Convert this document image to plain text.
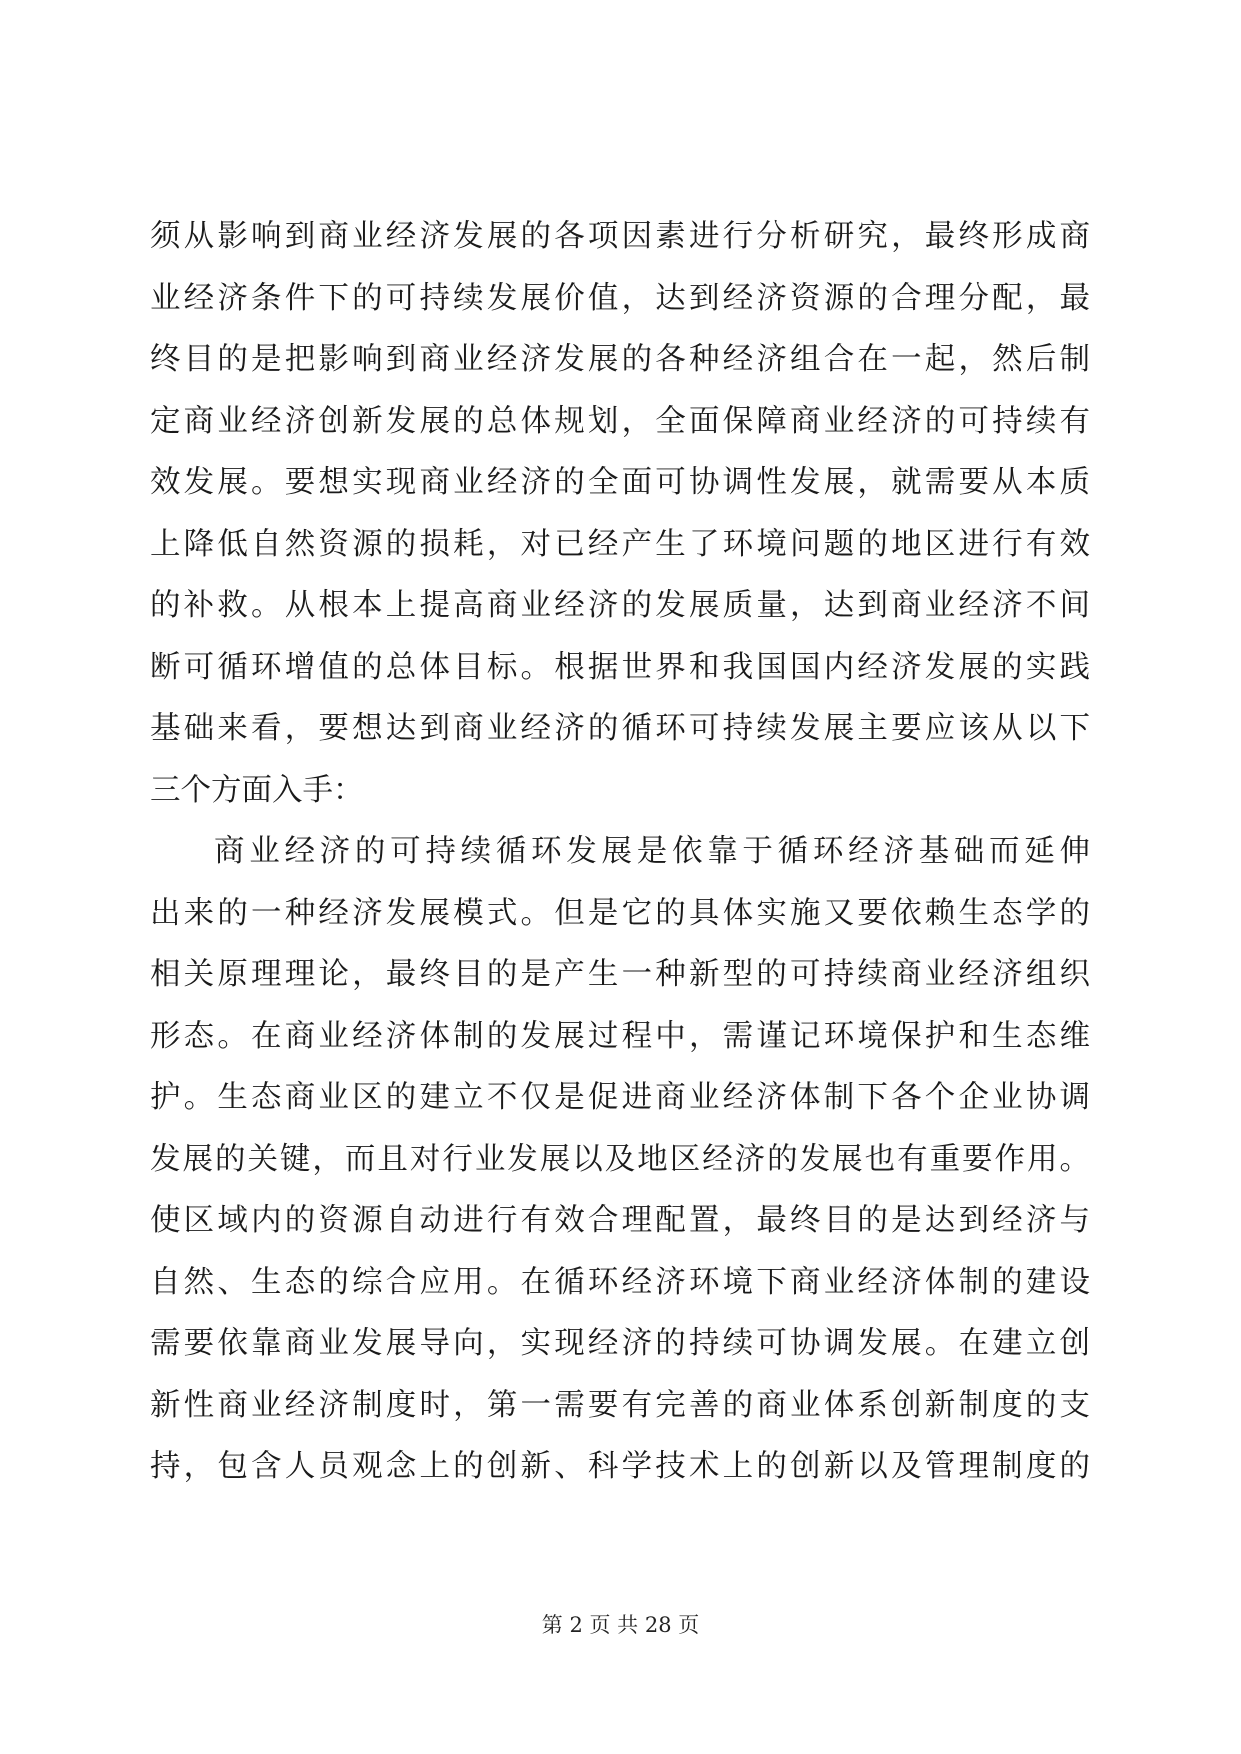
须从影响到商业经济发展的各项因素进行分析研究，最终形成商
业经济条件下的可持续发展价值，达到经济资源的合理分配，最
终目的是把影响到商业经济发展的各种经济组合在一起，然后制
定商业经济创新发展的总体规划，全面保障商业经济的可持续有
效发展。要想实现商业经济的全面可协调性发展，就需要从本质
上降低自然资源的损耗，对已经产生了环境问题的地区进行有效
的补救。从根本上提高商业经济的发展质量，达到商业经济不间
断可循环增值的总体目标。根据世界和我国国内经济发展的实践
基础来看，要想达到商业经济的循环可持续发展主要应该从以下
三个方面入手：
商业经济的可持续循环发展是依靠于循环经济基础而延伸
出来的一种经济发展模式。但是它的具体实施又要依赖生态学的
相关原理理论，最终目的是产生一种新型的可持续商业经济组织
形态。在商业经济体制的发展过程中，需谨记环境保护和生态维
护。生态商业区的建立不仅是促进商业经济体制下各个企业协调
发展的关键，而且对行业发展以及地区经济的发展也有重要作用。
使区域内的资源自动进行有效合理配置，最终目的是达到经济与
自然、生态的综合应用。在循环经济环境下商业经济体制的建设
需要依靠商业发展导向，实现经济的持续可协调发展。在建立创
新性商业经济制度时，第一需要有完善的商业体系创新制度的支
持，包含人员观念上的创新、科学技术上的创新以及管理制度的
第 2 页 共 28 页
